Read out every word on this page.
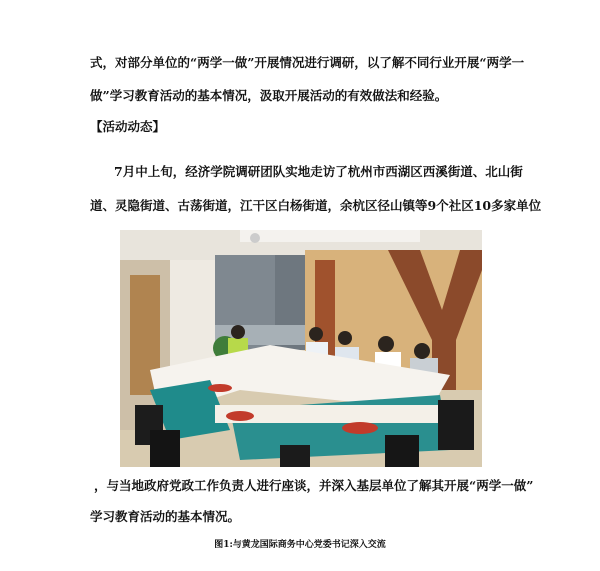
式，对部分单位的“两学一做”开展情况进行调研，以了解不同行业开展“两学一
做”学习教育活动的基本情况，汲取开展活动的有效做法和经验。
【活动动态】
7月中上旬，经济学院调研团队实地走访了杭州市西湖区西溪街道、北山街
道、灵隐街道、古荡街道，江干区白杨街道，余杭区径山镇等9个社区10多家单位
，与当地政府党政工作负责人进行座谈，并深入基层单位了解其开展“两学一做”
学习教育活动的基本情况。
图1:与黄龙国际商务中心党委书记深入交流
